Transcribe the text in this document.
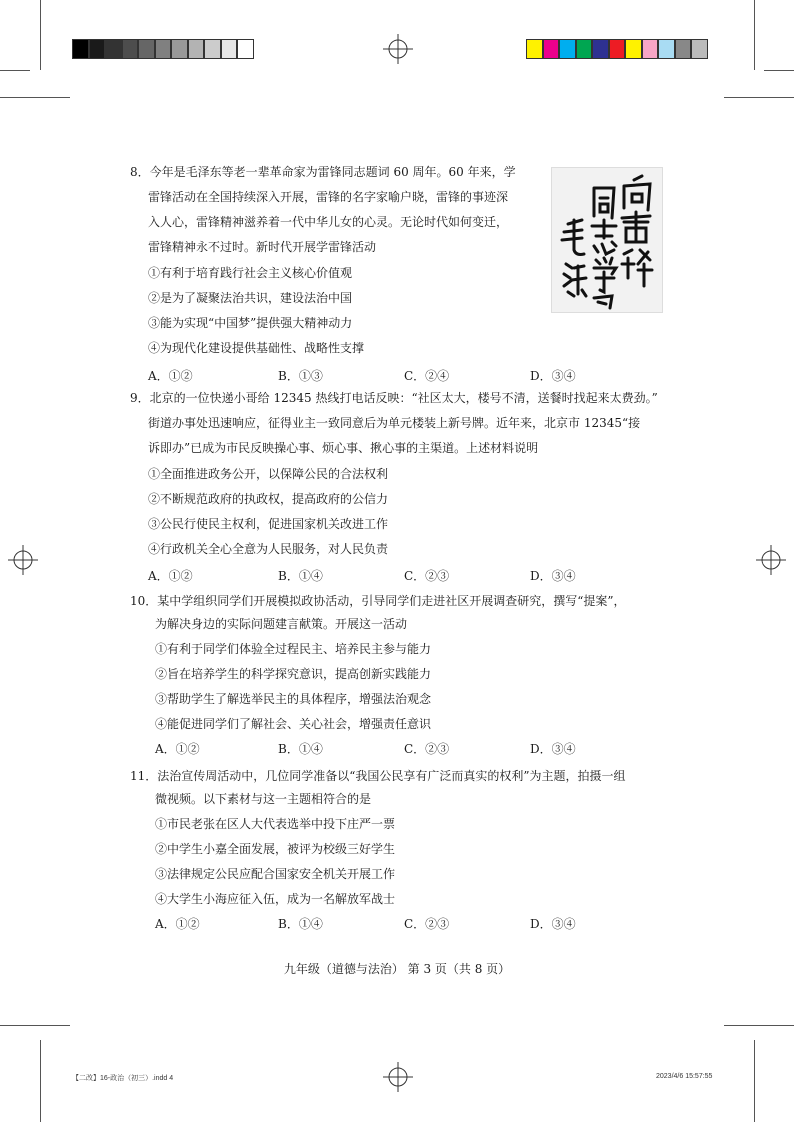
8．今年是毛泽东等老一辈革命家为雷锋同志题词 60 周年。60 年来，学
雷锋活动在全国持续深入开展，雷锋的名字家喻户晓，雷锋的事迹深
入人心，雷锋精神滋养着一代中华儿女的心灵。无论时代如何变迁，
雷锋精神永不过时。新时代开展学雷锋活动
①有利于培育践行社会主义核心价值观
②是为了凝聚法治共识，建设法治中国
③能为实现“中国梦”提供强大精神动力
④为现代化建设提供基础性、战略性支撑
A．①②	B．①③	C．②④	D．③④
9．北京的一位快递小哥给 12345 热线打电话反映：“社区太大，楼号不清，送餐时找起来太费劲。”
街道办事处迅速响应，征得业主一致同意后为单元楼装上新号牌。近年来，北京市 12345“接
诉即办”已成为市民反映操心事、烦心事、揪心事的主渠道。上述材料说明
①全面推进政务公开，以保障公民的合法权利
②不断规范政府的执政权，提高政府的公信力
③公民行使民主权利，促进国家机关改进工作
④行政机关全心全意为人民服务，对人民负责
A．①②	B．①④	C．②③	D．③④
10．某中学组织同学们开展模拟政协活动，引导同学们走进社区开展调查研究，撰写“提案”，
为解决身边的实际问题建言献策。开展这一活动
①有利于同学们体验全过程民主、培养民主参与能力
②旨在培养学生的科学探究意识，提高创新实践能力
③帮助学生了解选举民主的具体程序，增强法治观念
④能促进同学们了解社会、关心社会，增强责任意识
A．①②	B．①④	C．②③	D．③④
11．法治宣传周活动中，几位同学准备以“我国公民享有广泛而真实的权利”为主题，拍摄一组
微视频。以下素材与这一主题相符合的是
①市民老张在区人大代表选举中投下庄严一票
②中学生小嘉全面发展，被评为校级三好学生
③法律规定公民应配合国家安全机关开展工作
④大学生小海应征入伍，成为一名解放军战士
A．①②	B．①④	C．②③	D．③④
九年级（道德与法治） 第 3 页（共 8 页）
【二改】16-政治（初三）.indd 4	2023/4/6 15:57:55
